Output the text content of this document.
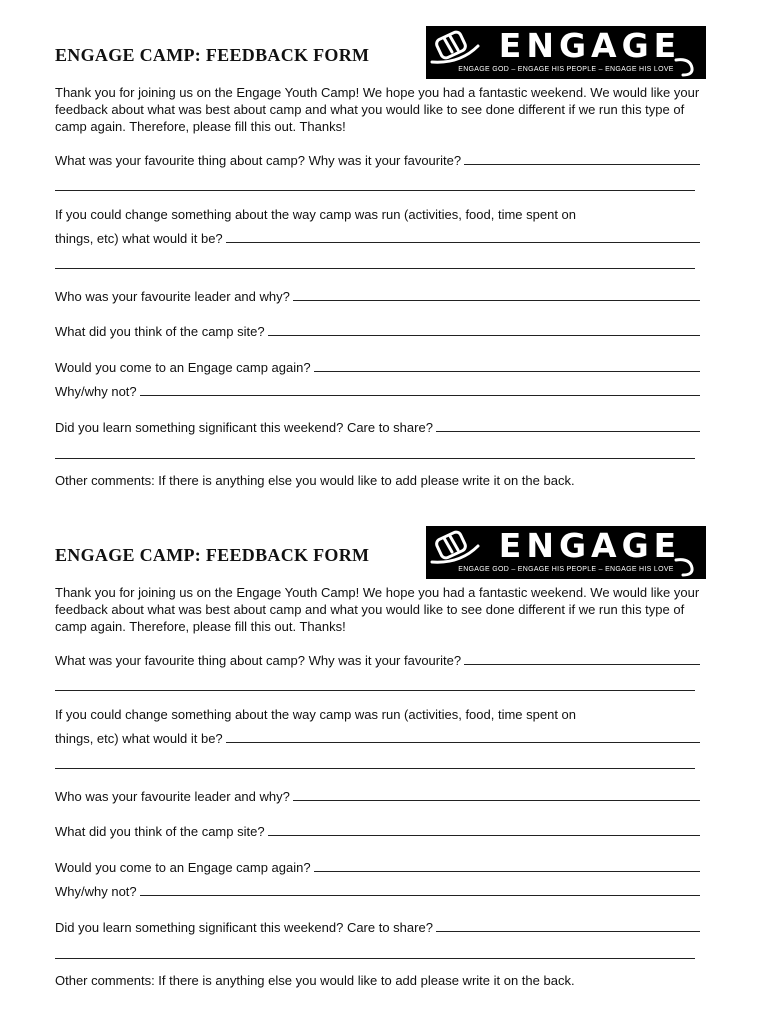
ENGAGE CAMP: FEEDBACK FORM	ENGAGE
ENGAGE GOD – ENGAGE HIS PEOPLE – ENGAGE HIS LOVE

Thank you for joining us on the Engage Youth Camp! We hope you had a fantastic weekend. We would like your feedback about what was best about camp and what you would like to see done different if we run this type of camp again. Therefore, please fill this out. Thanks!

What was your favourite thing about camp? Why was it your favourite?
If you could change something about the way camp was run (activities, food, time spent on
things, etc) what would it be?
Who was your favourite leader and why?
What did you think of the camp site?
Would you come to an Engage camp again?
Why/why not?
Did you learn something significant this weekend? Care to share?
Other comments: If there is anything else you would like to add please write it on the back.
ENGAGE CAMP: FEEDBACK FORM	ENGAGE
ENGAGE GOD – ENGAGE HIS PEOPLE – ENGAGE HIS LOVE

Thank you for joining us on the Engage Youth Camp! We hope you had a fantastic weekend. We would like your feedback about what was best about camp and what you would like to see done different if we run this type of camp again. Therefore, please fill this out. Thanks!

What was your favourite thing about camp? Why was it your favourite?
If you could change something about the way camp was run (activities, food, time spent on
things, etc) what would it be?
Who was your favourite leader and why?
What did you think of the camp site?
Would you come to an Engage camp again?
Why/why not?
Did you learn something significant this weekend? Care to share?
Other comments: If there is anything else you would like to add please write it on the back.
